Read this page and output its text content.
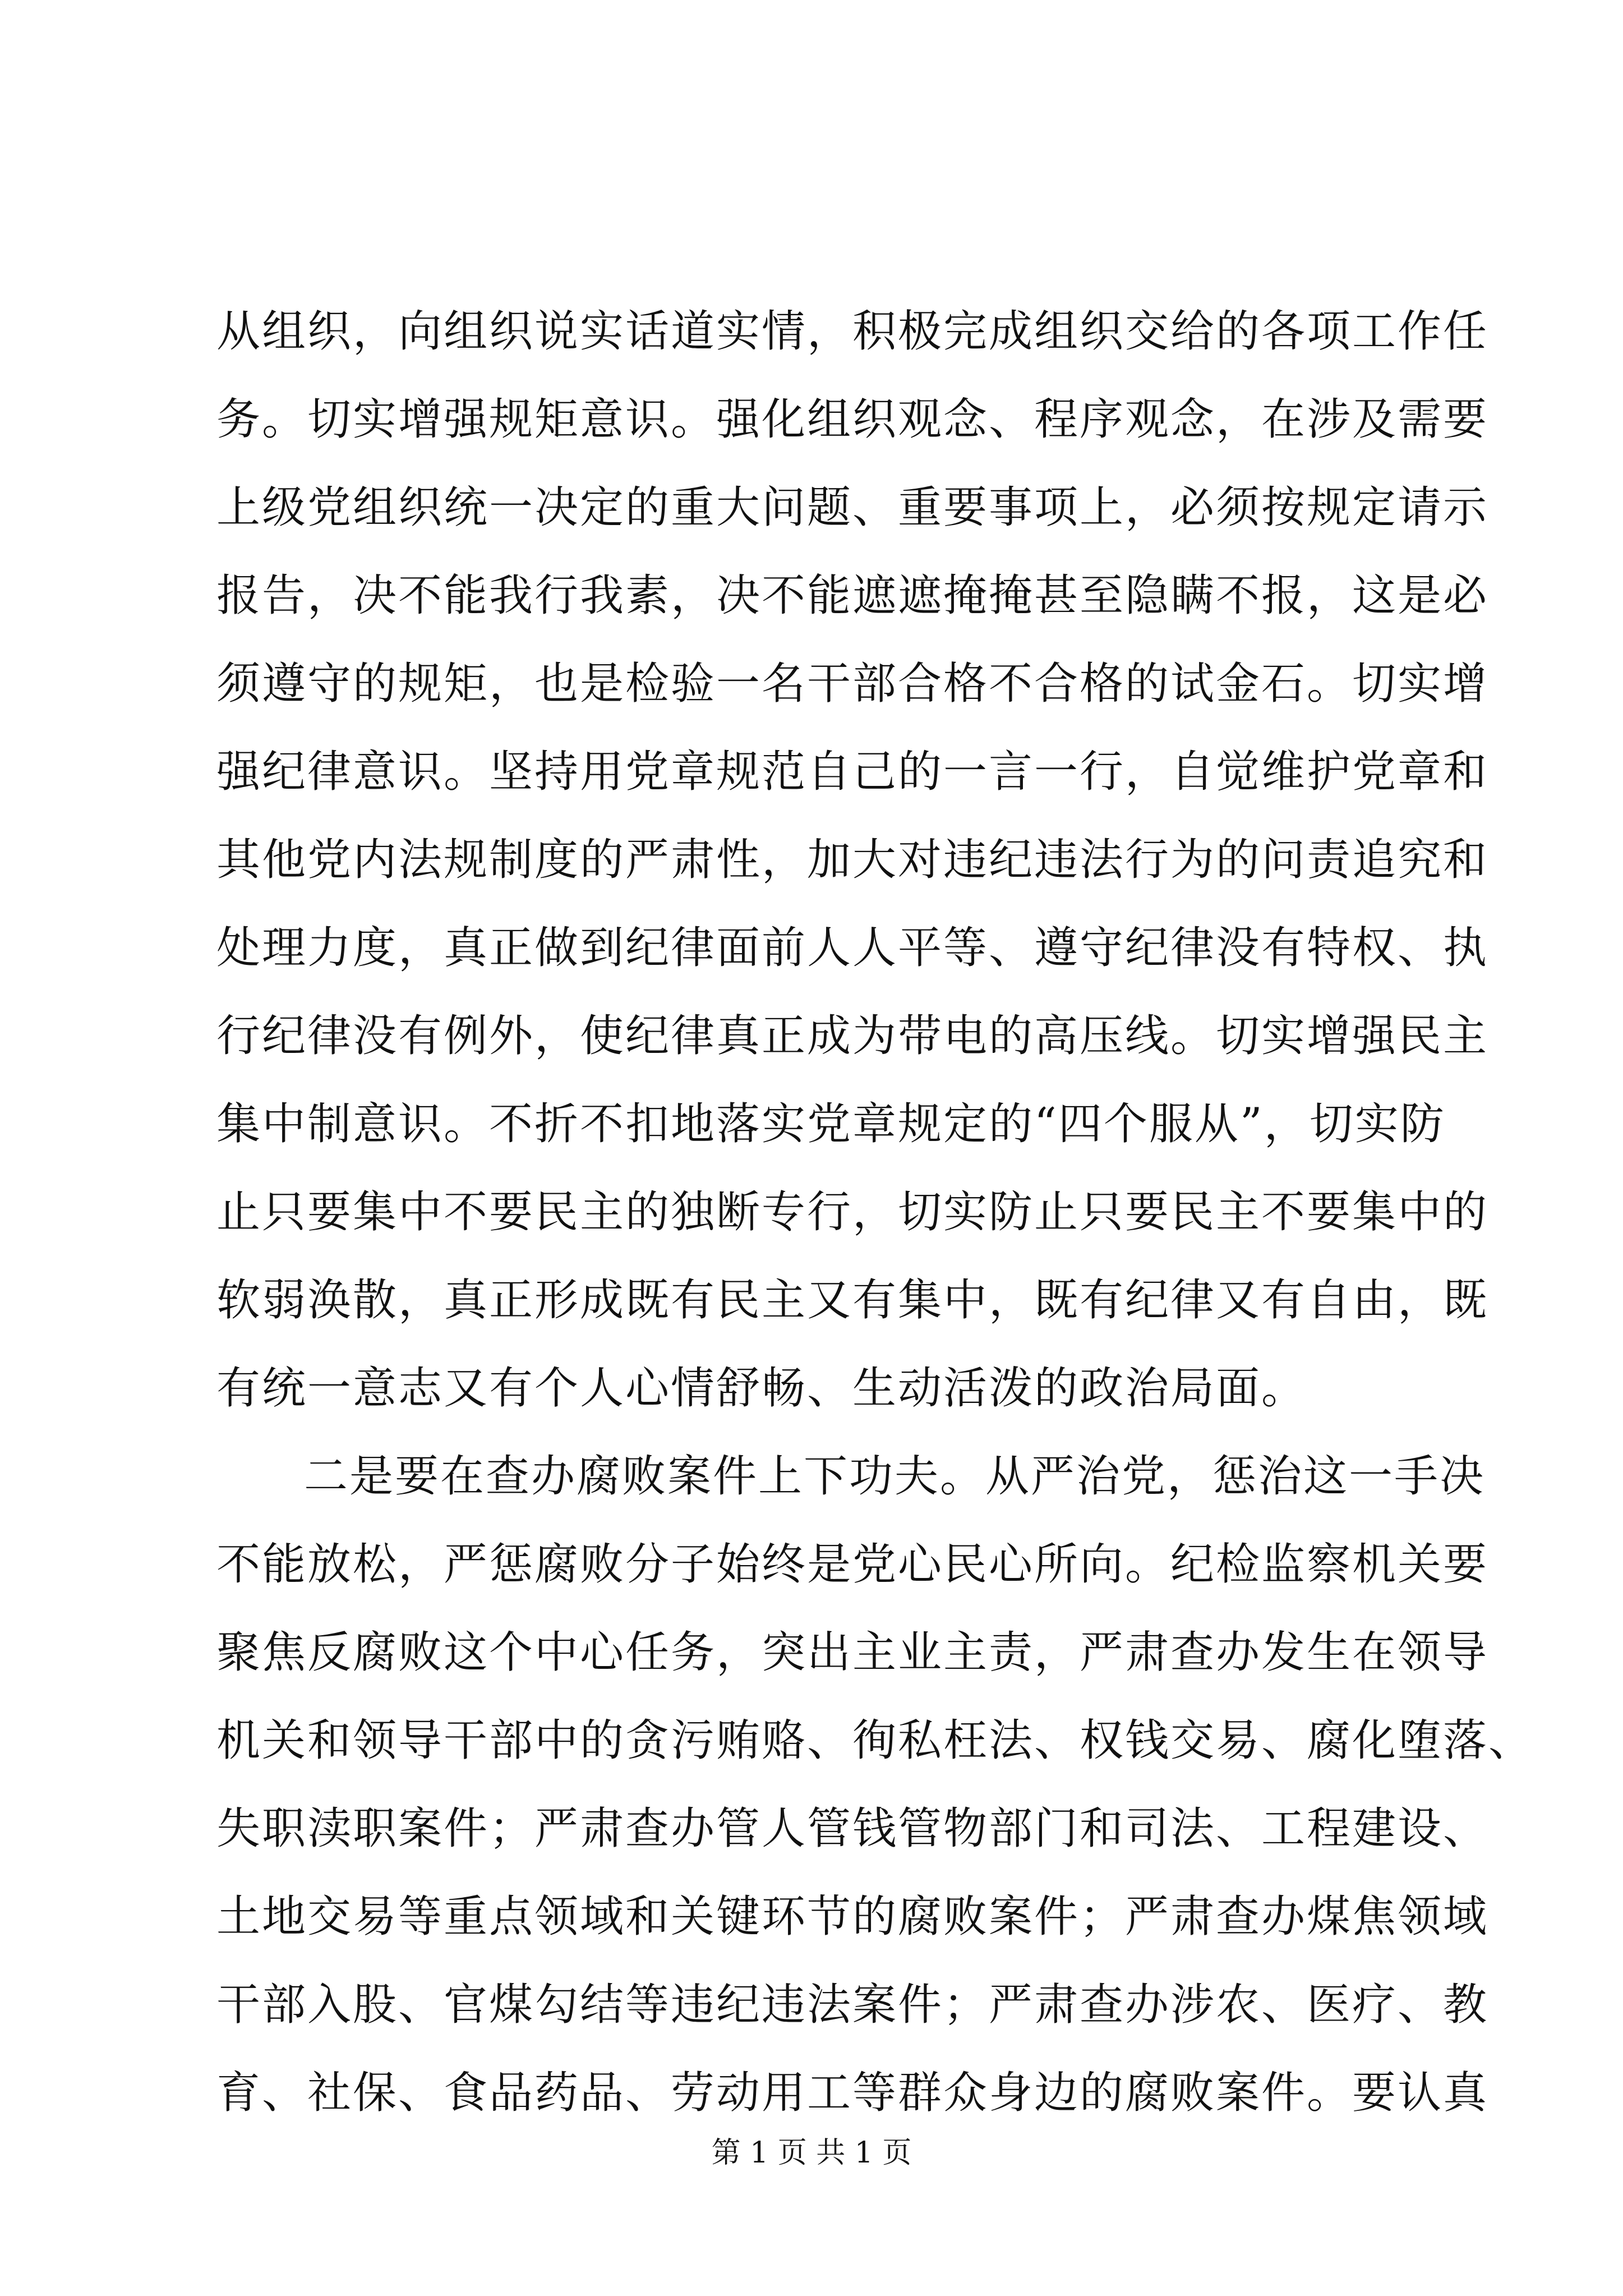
从组织，向组织说实话道实情，积极完成组织交给的各项工作任
务。切实增强规矩意识。强化组织观念、程序观念，在涉及需要
上级党组织统一决定的重大问题、重要事项上，必须按规定请示
报告，决不能我行我素，决不能遮遮掩掩甚至隐瞒不报，这是必
须遵守的规矩，也是检验一名干部合格不合格的试金石。切实增
强纪律意识。坚持用党章规范自己的一言一行，自觉维护党章和
其他党内法规制度的严肃性，加大对违纪违法行为的问责追究和
处理力度，真正做到纪律面前人人平等、遵守纪律没有特权、执
行纪律没有例外，使纪律真正成为带电的高压线。切实增强民主
集中制意识。不折不扣地落实党章规定的“四个服从”，切实防
止只要集中不要民主的独断专行，切实防止只要民主不要集中的
软弱涣散，真正形成既有民主又有集中，既有纪律又有自由，既
有统一意志又有个人心情舒畅、生动活泼的政治局面。
二是要在查办腐败案件上下功夫。从严治党，惩治这一手决
不能放松，严惩腐败分子始终是党心民心所向。纪检监察机关要
聚焦反腐败这个中心任务，突出主业主责，严肃查办发生在领导
机关和领导干部中的贪污贿赂、徇私枉法、权钱交易、腐化堕落、
失职渎职案件；严肃查办管人管钱管物部门和司法、工程建设、
土地交易等重点领域和关键环节的腐败案件；严肃查办煤焦领域
干部入股、官煤勾结等违纪违法案件；严肃查办涉农、医疗、教
育、社保、食品药品、劳动用工等群众身边的腐败案件。要认真
第 1 页 共 1 页
